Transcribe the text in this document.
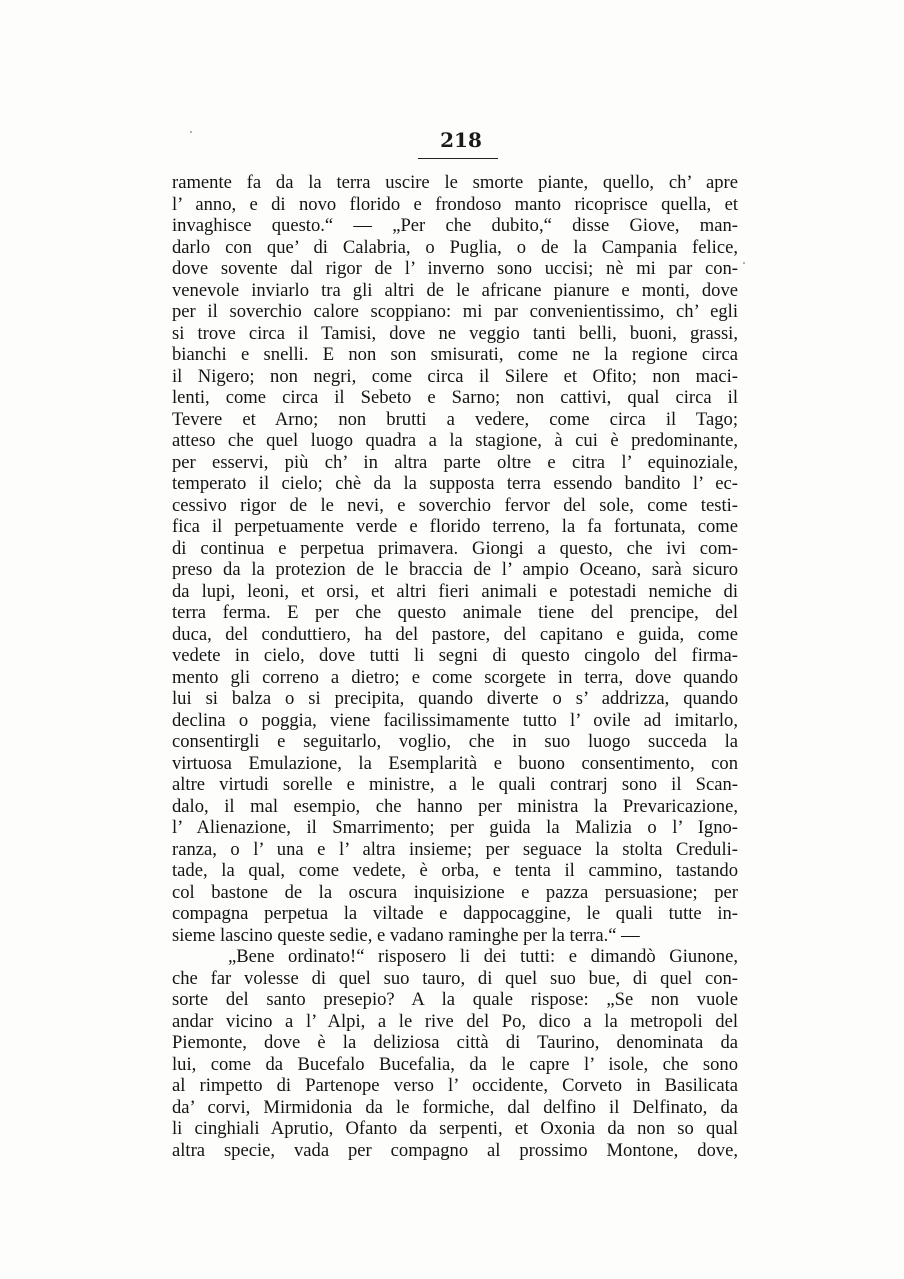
218
ramente fa da la terra uscire le smorte piante, quello, ch’ apre
l’ anno, e di novo florido e frondoso manto ricoprisce quella, et
invaghisce questo.“ — „Per che dubito,“ disse Giove, man-
darlo con que’ di Calabria, o Puglia, o de la Campania felice,
dove sovente dal rigor de l’ inverno sono uccisi; nè mi par con-
venevole inviarlo tra gli altri de le africane pianure e monti, dove
per il soverchio calore scoppiano: mi par convenientissimo, ch’ egli
si trove circa il Tamisi, dove ne veggio tanti belli, buoni, grassi,
bianchi e snelli. E non son smisurati, come ne la regione circa
il Nigero; non negri, come circa il Silere et Ofito; non maci-
lenti, come circa il Sebeto e Sarno; non cattivi, qual circa il
Tevere et Arno; non brutti a vedere, come circa il Tago;
atteso che quel luogo quadra a la stagione, à cui è predominante,
per esservi, più ch’ in altra parte oltre e citra l’ equinoziale,
temperato il cielo; chè da la supposta terra essendo bandito l’ ec-
cessivo rigor de le nevi, e soverchio fervor del sole, come testi-
fica il perpetuamente verde e florido terreno, la fa fortunata, come
di continua e perpetua primavera. Giongi a questo, che ivi com-
preso da la protezion de le braccia de l’ ampio Oceano, sarà sicuro
da lupi, leoni, et orsi, et altri fieri animali e potestadi nemiche di
terra ferma. E per che questo animale tiene del prencipe, del
duca, del conduttiero, ha del pastore, del capitano e guida, come
vedete in cielo, dove tutti li segni di questo cingolo del firma-
mento gli correno a dietro; e come scorgete in terra, dove quando
lui si balza o si precipita, quando diverte o s’ addrizza, quando
declina o poggia, viene facilissimamente tutto l’ ovile ad imitarlo,
consentirgli e seguitarlo, voglio, che in suo luogo succeda la
virtuosa Emulazione, la Esemplarità e buono consentimento, con
altre virtudi sorelle e ministre, a le quali contrarj sono il Scan-
dalo, il mal esempio, che hanno per ministra la Prevaricazione,
l’ Alienazione, il Smarrimento; per guida la Malizia o l’ Igno-
ranza, o l’ una e l’ altra insieme; per seguace la stolta Creduli-
tade, la qual, come vedete, è orba, e tenta il cammino, tastando
col bastone de la oscura inquisizione e pazza persuasione; per
compagna perpetua la viltade e dappocaggine, le quali tutte in-
sieme lascino queste sedie, e vadano raminghe per la terra.“ —
„Bene ordinato!“ risposero li dei tutti: e dimandò Giunone,
che far volesse di quel suo tauro, di quel suo bue, di quel con-
sorte del santo presepio? A la quale rispose: „Se non vuole
andar vicino a l’ Alpi, a le rive del Po, dico a la metropoli del
Piemonte, dove è la deliziosa città di Taurino, denominata da
lui, come da Bucefalo Bucefalia, da le capre l’ isole, che sono
al rimpetto di Partenope verso l’ occidente, Corveto in Basilicata
da’ corvi, Mirmidonia da le formiche, dal delfino il Delfinato, da
li cinghiali Aprutio, Ofanto da serpenti, et Oxonia da non so qual
altra specie, vada per compagno al prossimo Montone, dove,
